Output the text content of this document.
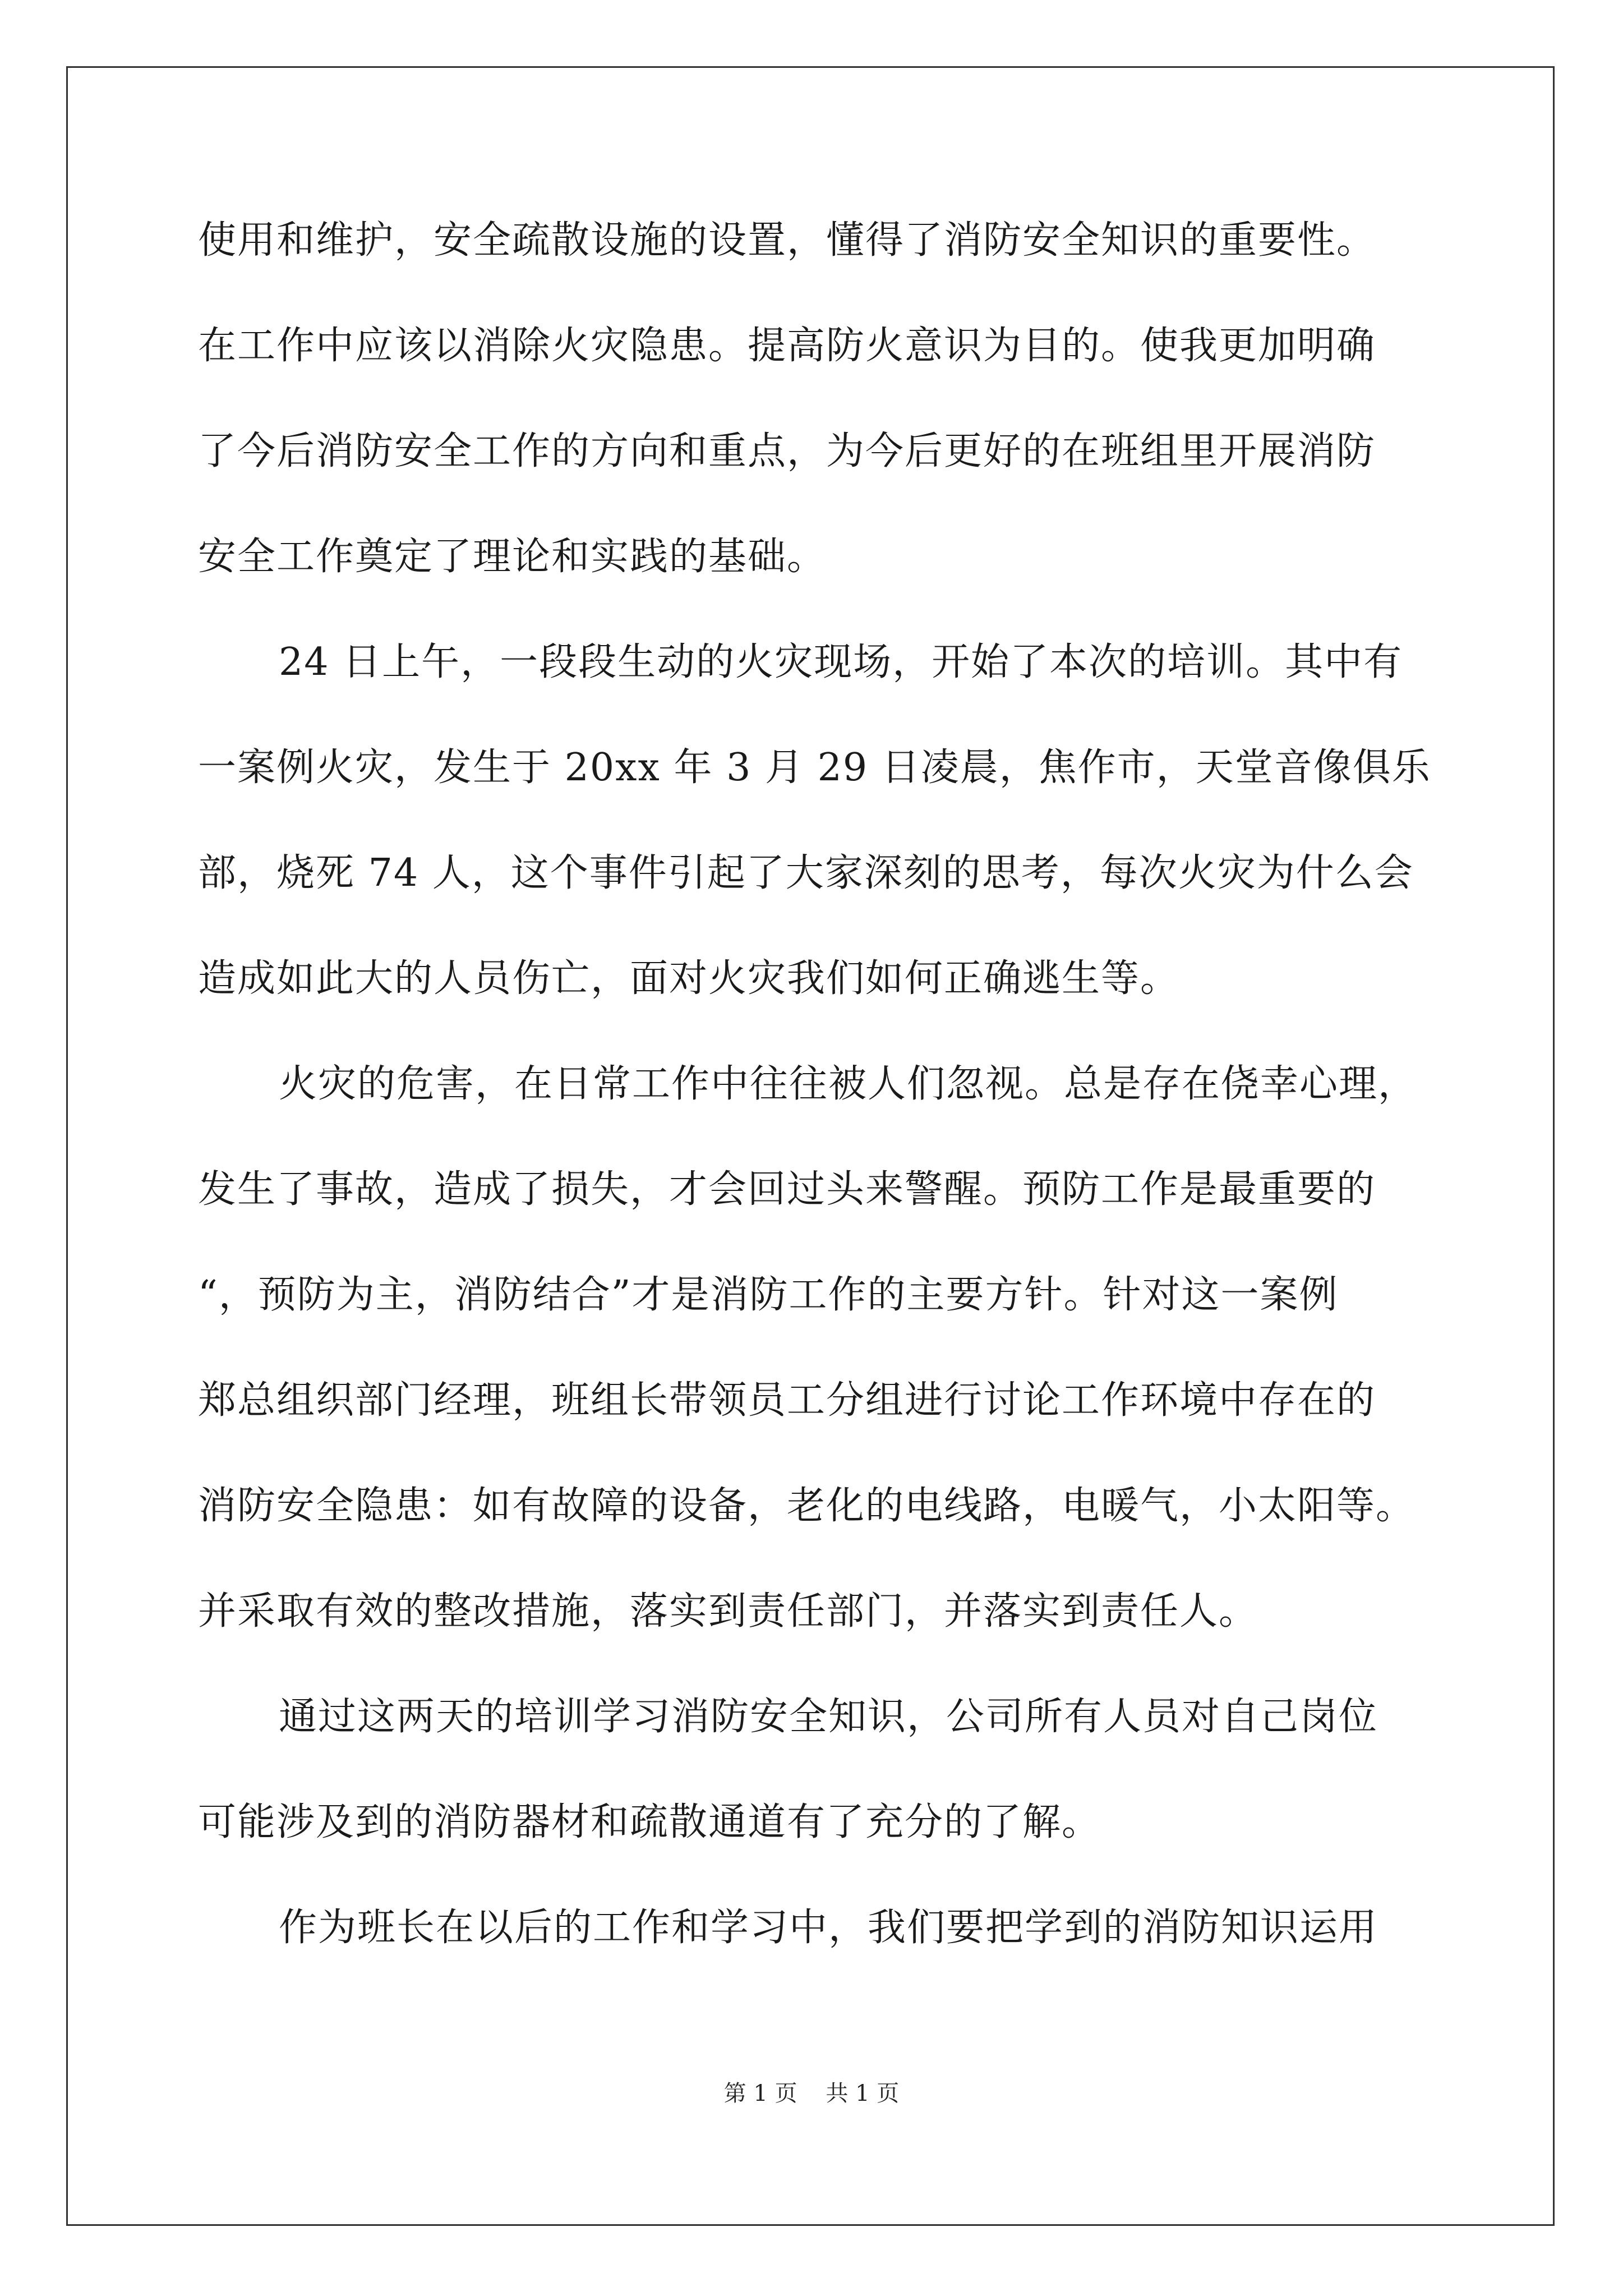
使用和维护，安全疏散设施的设置，懂得了消防安全知识的重要性。
在工作中应该以消除火灾隐患。提高防火意识为目的。使我更加明确
了今后消防安全工作的方向和重点，为今后更好的在班组里开展消防
安全工作奠定了理论和实践的基础。
24 日上午，一段段生动的火灾现场，开始了本次的培训。其中有
一案例火灾，发生于 20xx 年 3 月 29 日凌晨，焦作市，天堂音像俱乐
部，烧死 74 人，这个事件引起了大家深刻的思考，每次火灾为什么会
造成如此大的人员伤亡，面对火灾我们如何正确逃生等。
火灾的危害，在日常工作中往往被人们忽视。总是存在侥幸心理，
发生了事故，造成了损失，才会回过头来警醒。预防工作是最重要的
“，预防为主，消防结合”才是消防工作的主要方针。针对这一案例
郑总组织部门经理，班组长带领员工分组进行讨论工作环境中存在的
消防安全隐患：如有故障的设备，老化的电线路，电暖气，小太阳等。
并采取有效的整改措施，落实到责任部门，并落实到责任人。
通过这两天的培训学习消防安全知识，公司所有人员对自己岗位
可能涉及到的消防器材和疏散通道有了充分的了解。
作为班长在以后的工作和学习中，我们要把学到的消防知识运用
第 1 页    共 1 页
